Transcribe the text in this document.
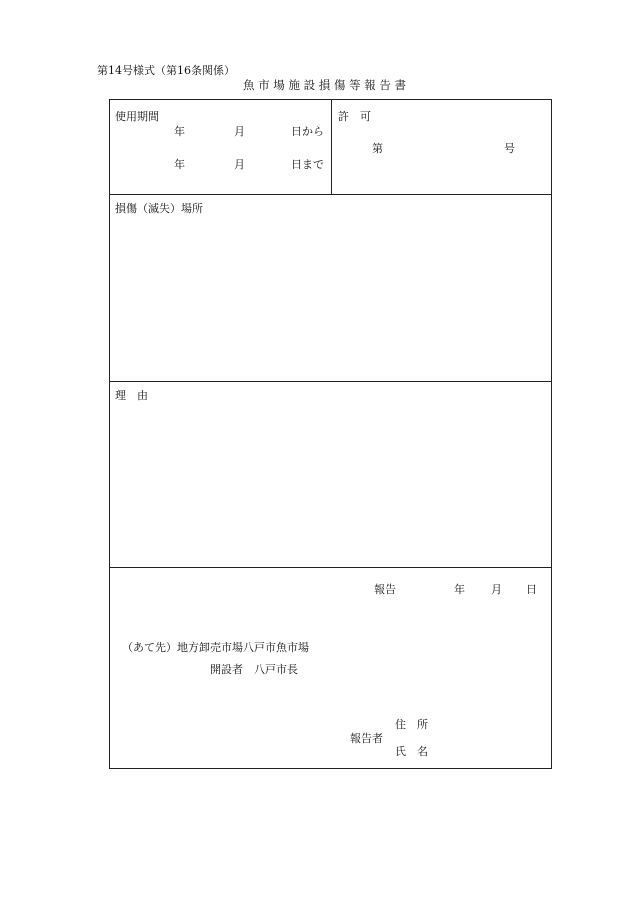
第14号様式（第16条関係）
魚 市 場 施 設 損 傷 等 報 告 書
使用期間
年	月	日から
年	月	日まで
許　可
第	号
損傷（滅失）場所
理　由
報告	年 月 日
（あて先）地方卸売市場八戸市魚市場
開設者　八戸市長
住　所
報告者
氏　名
